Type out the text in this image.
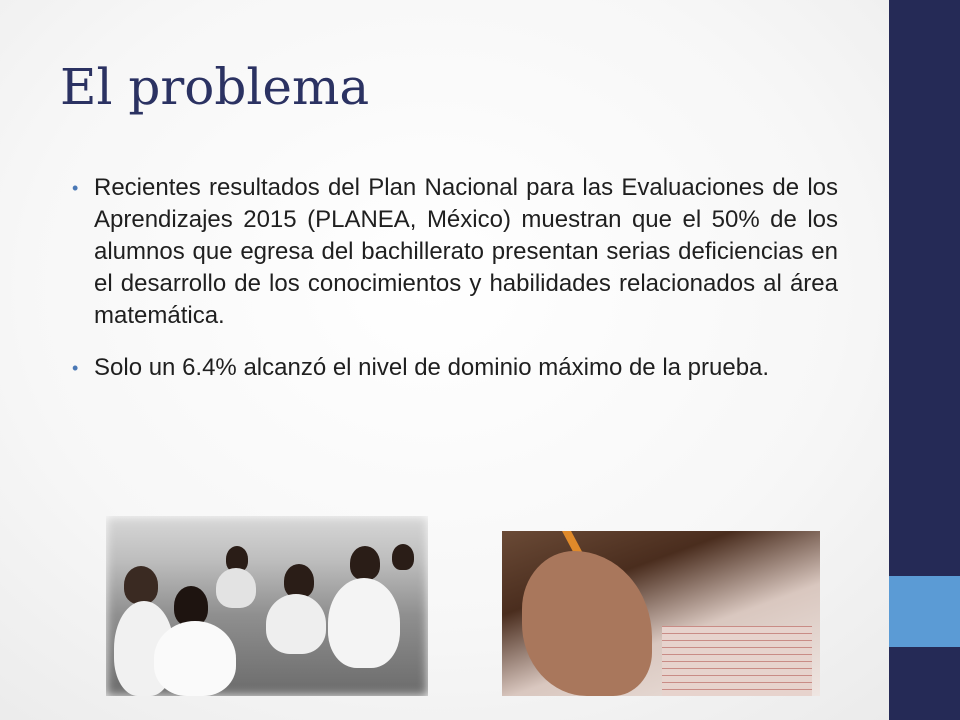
El problema
• Recientes resultados del Plan Nacional para las Evaluaciones de los Aprendizajes 2015 (PLANEA, México) muestran que el 50% de los alumnos que egresa del bachillerato presentan serias deficiencias en el desarrollo de los conocimientos y habilidades relacionados al área matemática.
• Solo un 6.4% alcanzó el nivel de dominio máximo de la prueba.
